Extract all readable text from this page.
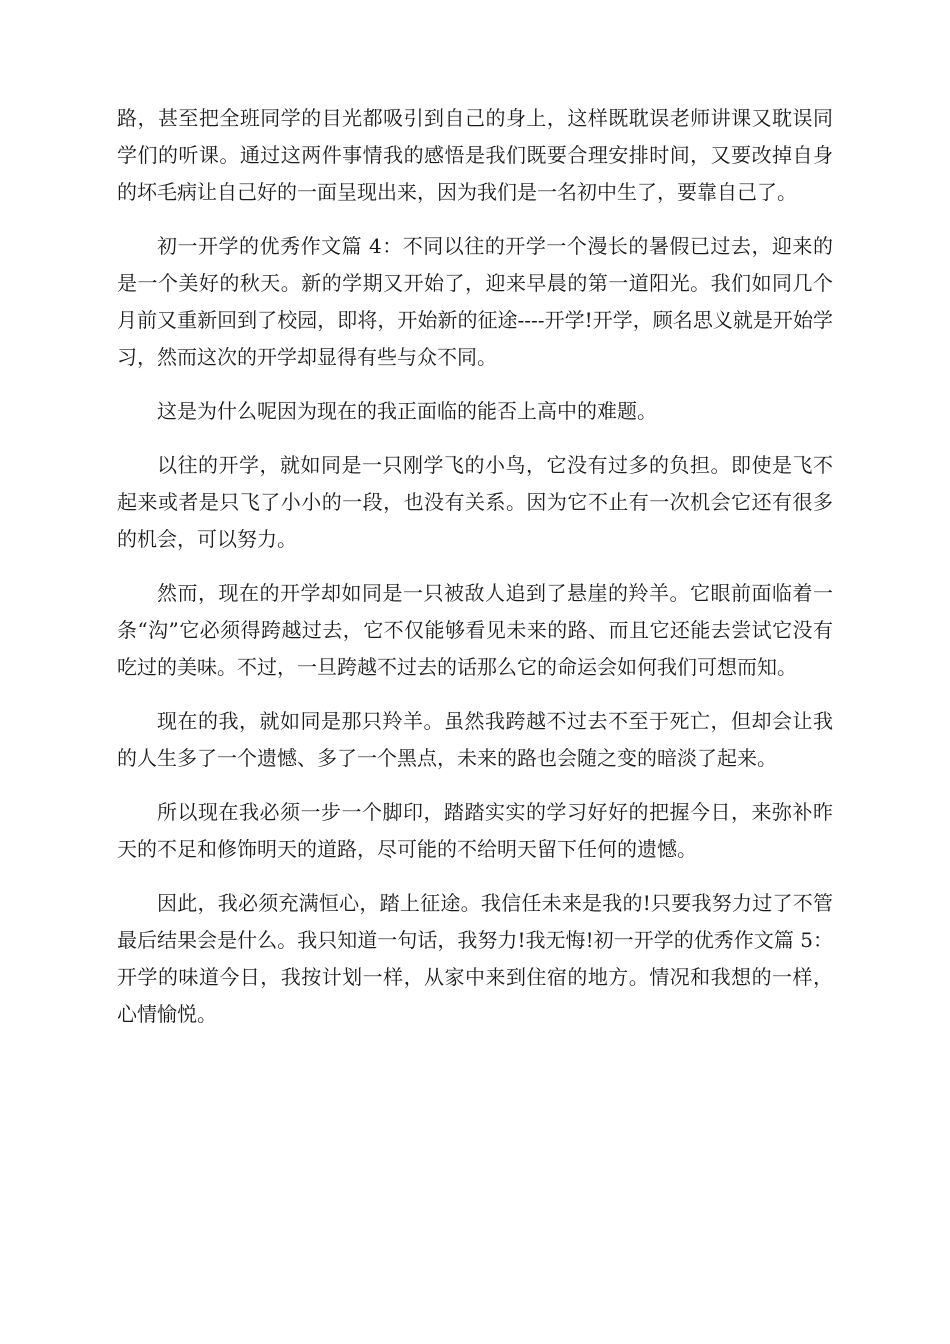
路，甚至把全班同学的目光都吸引到自己的身上，这样既耽误老师讲课又耽误同学们的听课。通过这两件事情我的感悟是我们既要合理安排时间，又要改掉自身的坏毛病让自己好的一面呈现出来，因为我们是一名初中生了，要靠自己了。

初一开学的优秀作文篇 4：不同以往的开学一个漫长的暑假已过去，迎来的是一个美好的秋天。新的学期又开始了，迎来早晨的第一道阳光。我们如同几个月前又重新回到了校园，即将，开始新的征途----开学!开学，顾名思义就是开始学习，然而这次的开学却显得有些与众不同。

这是为什么呢因为现在的我正面临的能否上高中的难题。

以往的开学，就如同是一只刚学飞的小鸟，它没有过多的负担。即使是飞不起来或者是只飞了小小的一段，也没有关系。因为它不止有一次机会它还有很多的机会，可以努力。

然而，现在的开学却如同是一只被敌人追到了悬崖的羚羊。它眼前面临着一条“沟”它必须得跨越过去，它不仅能够看见未来的路、而且它还能去尝试它没有吃过的美味。不过，一旦跨越不过去的话那么它的命运会如何我们可想而知。

现在的我，就如同是那只羚羊。虽然我跨越不过去不至于死亡，但却会让我的人生多了一个遗憾、多了一个黑点，未来的路也会随之变的暗淡了起来。

所以现在我必须一步一个脚印，踏踏实实的学习好好的把握今日，来弥补昨天的不足和修饰明天的道路，尽可能的不给明天留下任何的遗憾。

因此，我必须充满恒心，踏上征途。我信任未来是我的!只要我努力过了不管最后结果会是什么。我只知道一句话，我努力!我无悔!初一开学的优秀作文篇 5：开学的味道今日，我按计划一样，从家中来到住宿的地方。情况和我想的一样，心情愉悦。
